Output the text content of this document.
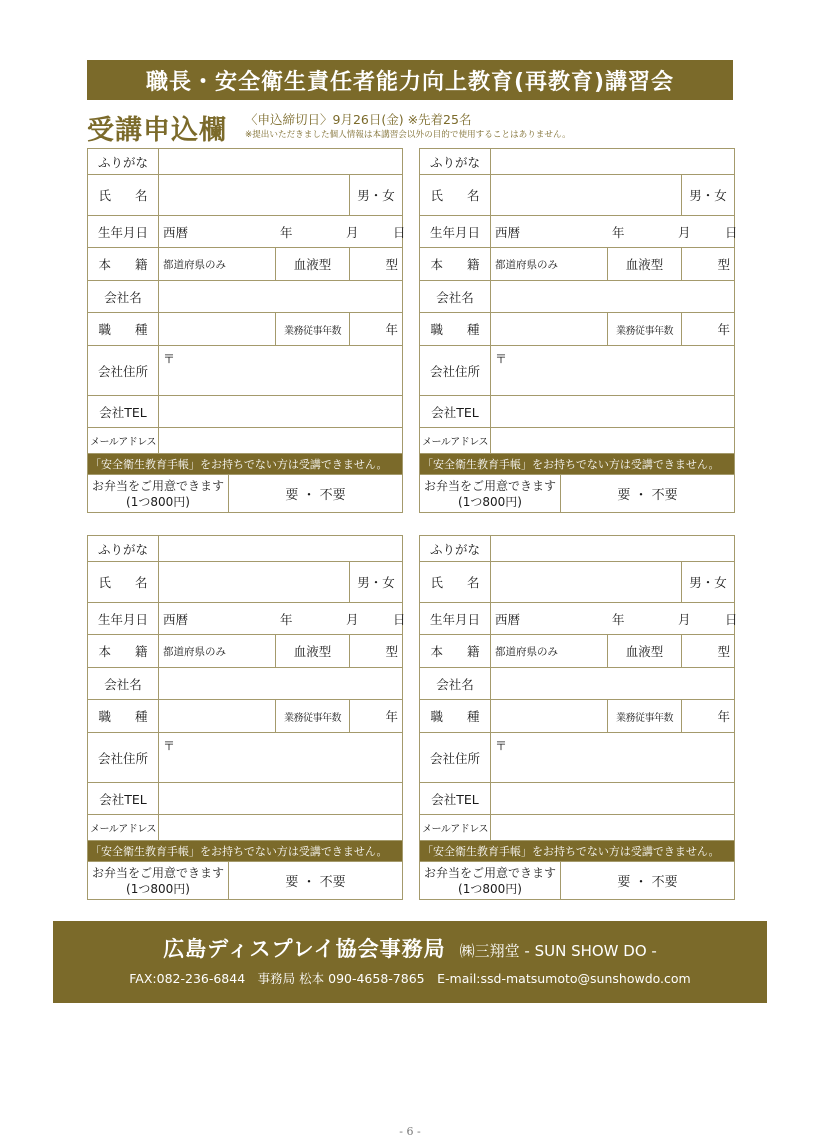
職長・安全衛生責任者能力向上教育(再教育)講習会
受講申込欄 〈申込締切日〉9月26日(金) ※先着25名
※提出いただきました個人情報は本講習会以外の目的で使用することはありません。
ふりがな				
氏 名				男・女
生年月日	西暦 年 月 日			

本 籍	都道府県のみ		血液型	型
会社名				
職 種			業務従事年数	年
会社住所	〒			
会社TEL				
メールアドレス				
「安全衛生教育手帳」をお持ちでない方は受講できません。				

お弁当をご用意できます
(1つ800円)		要 ・ 不要		
ふりがな				
氏 名				男・女
生年月日	西暦 年 月 日			

本 籍	都道府県のみ		血液型	型
会社名				
職 種			業務従事年数	年
会社住所	〒			
会社TEL				
メールアドレス				
「安全衛生教育手帳」をお持ちでない方は受講できません。				

お弁当をご用意できます
(1つ800円)		要 ・ 不要		
ふりがな				
氏 名				男・女
生年月日	西暦 年 月 日			

本 籍	都道府県のみ		血液型	型
会社名				
職 種			業務従事年数	年
会社住所	〒			
会社TEL				
メールアドレス				
「安全衛生教育手帳」をお持ちでない方は受講できません。				

お弁当をご用意できます
(1つ800円)		要 ・ 不要		
ふりがな				
氏 名				男・女
生年月日	西暦 年 月 日			

本 籍	都道府県のみ		血液型	型
会社名				
職 種			業務従事年数	年
会社住所	〒			
会社TEL				
メールアドレス				
「安全衛生教育手帳」をお持ちでない方は受講できません。				

お弁当をご用意できます
(1つ800円)		要 ・ 不要		
広島ディスプレイ協会事務局 ㈱三翔堂 - SUN SHOW DO -
FAX:082-236-6844　事務局 松本 090-4658-7865　E-mail:ssd-matsumoto@sunshowdo.com
- 6 -
